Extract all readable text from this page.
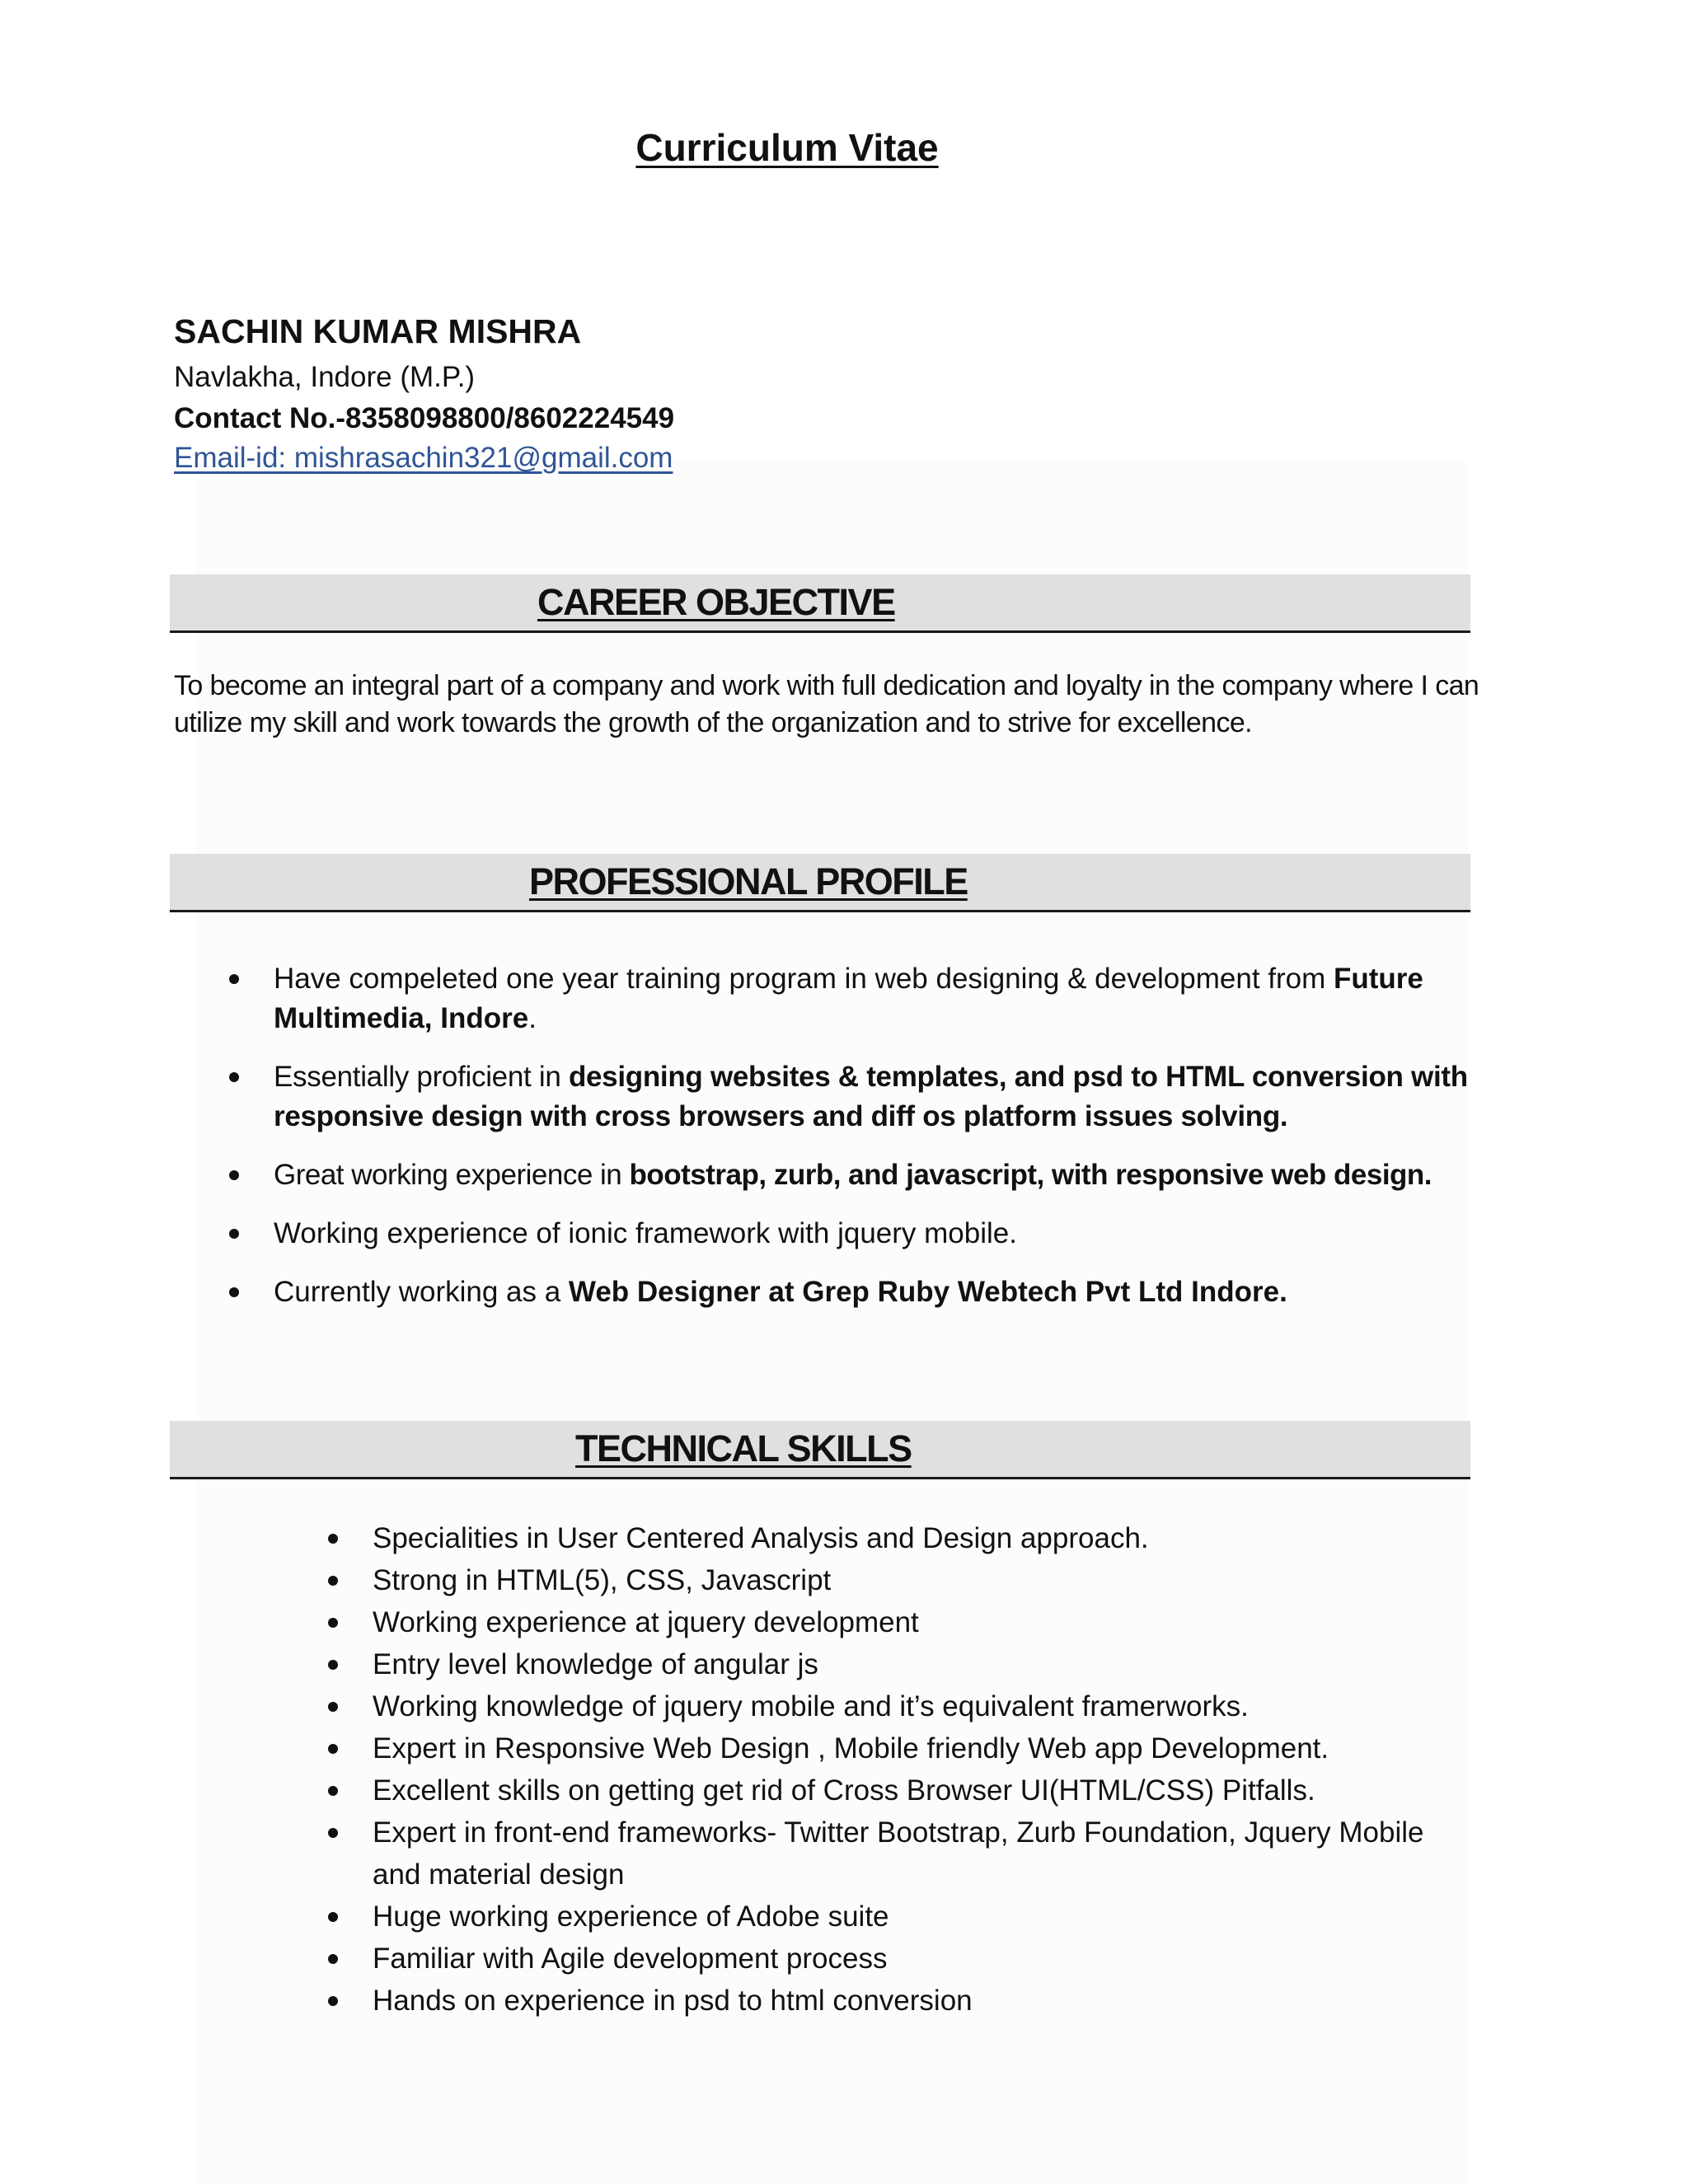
Curriculum Vitae
SACHIN KUMAR MISHRA
Navlakha, Indore (M.P.)
Contact No.-8358098800/8602224549
Email-id: mishrasachin321@gmail.com
CAREER OBJECTIVE
To become an integral part of a company and work with full dedication and loyalty in the company where I can utilize my skill and work towards the growth of the organization and to strive for excellence.
PROFESSIONAL PROFILE
Have compeleted one year training program in web designing & development from Future Multimedia, Indore.
Essentially proficient in designing websites & templates, and psd to HTML conversion with responsive design with cross browsers and diff os platform issues solving.
Great working experience in bootstrap, zurb, and javascript, with responsive web design.
Working experience of ionic framework with jquery mobile.
Currently working as a Web Designer at Grep Ruby Webtech Pvt Ltd Indore.
TECHNICAL SKILLS
Specialities in User Centered Analysis and Design approach.
Strong in HTML(5), CSS, Javascript
Working experience at jquery development
Entry level knowledge of angular js
Working knowledge of jquery mobile and it’s equivalent framerworks.
Expert in Responsive Web Design , Mobile friendly Web app Development.
Excellent skills on getting get rid of Cross Browser UI(HTML/CSS) Pitfalls.
Expert in front-end frameworks- Twitter Bootstrap, Zurb Foundation, Jquery Mobile and material design
Huge working experience of Adobe suite
Familiar with Agile development process
Hands on experience in psd to html conversion
